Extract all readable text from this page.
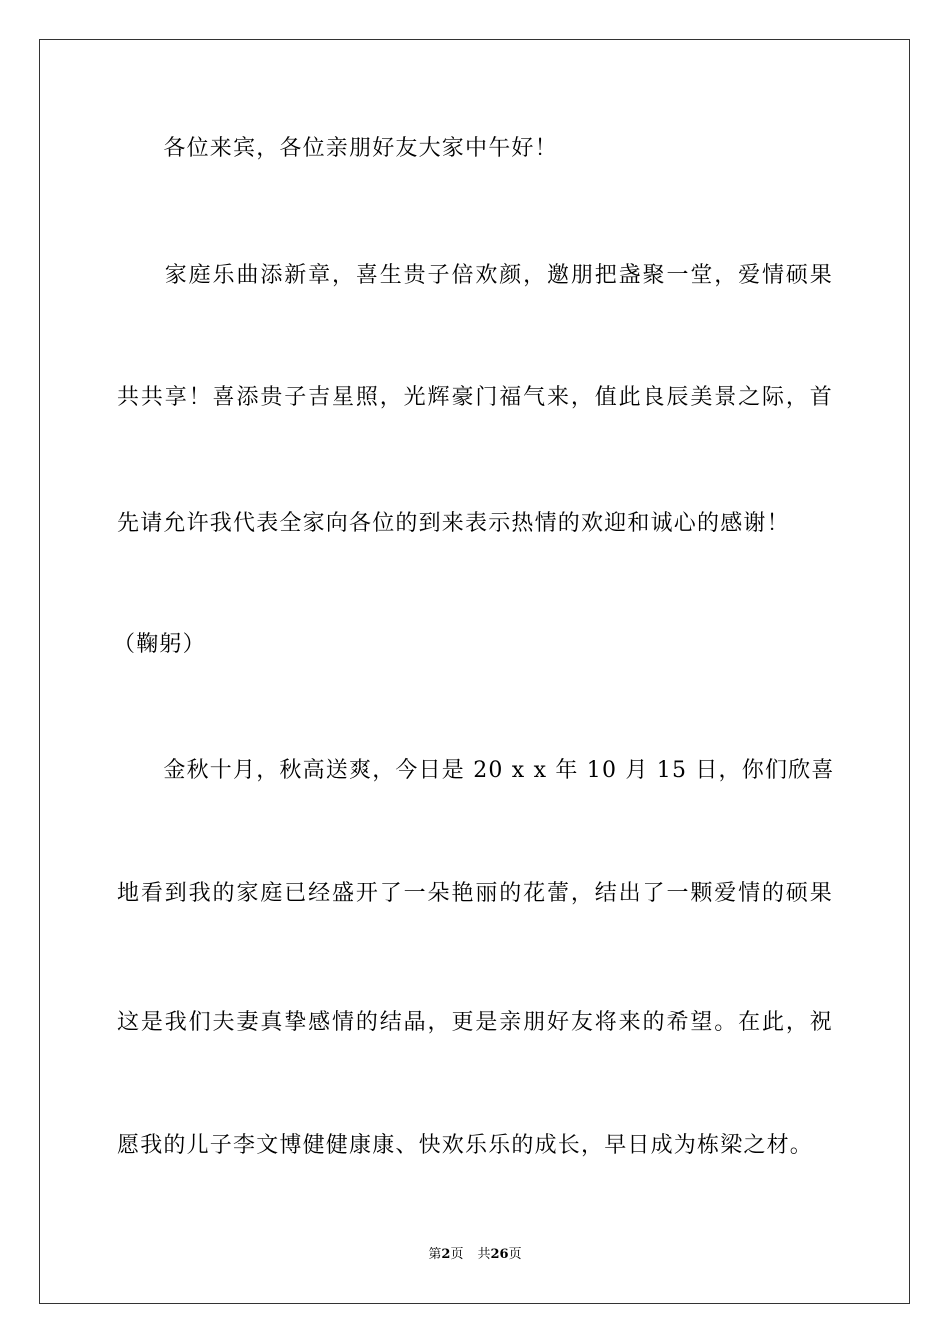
　　各位来宾，各位亲朋好友大家中午好！
　　家庭乐曲添新章，喜生贵子倍欢颜，邀朋把盏聚一堂，爱情硕果
共共享！喜添贵子吉星照，光辉豪门福气来，值此良辰美景之际，首
先请允许我代表全家向各位的到来表示热情的欢迎和诚心的感谢！
（鞠躬）
　　金秋十月，秋高送爽，今日是 20 x x 年 10 月 15 日，你们欣喜
地看到我的家庭已经盛开了一朵艳丽的花蕾，结出了一颗爱情的硕果
这是我们夫妻真挚感情的结晶，更是亲朋好友将来的希望。在此，祝
愿我的儿子李文博健健康康、快欢乐乐的成长，早日成为栋梁之材。
第2页 共26页
